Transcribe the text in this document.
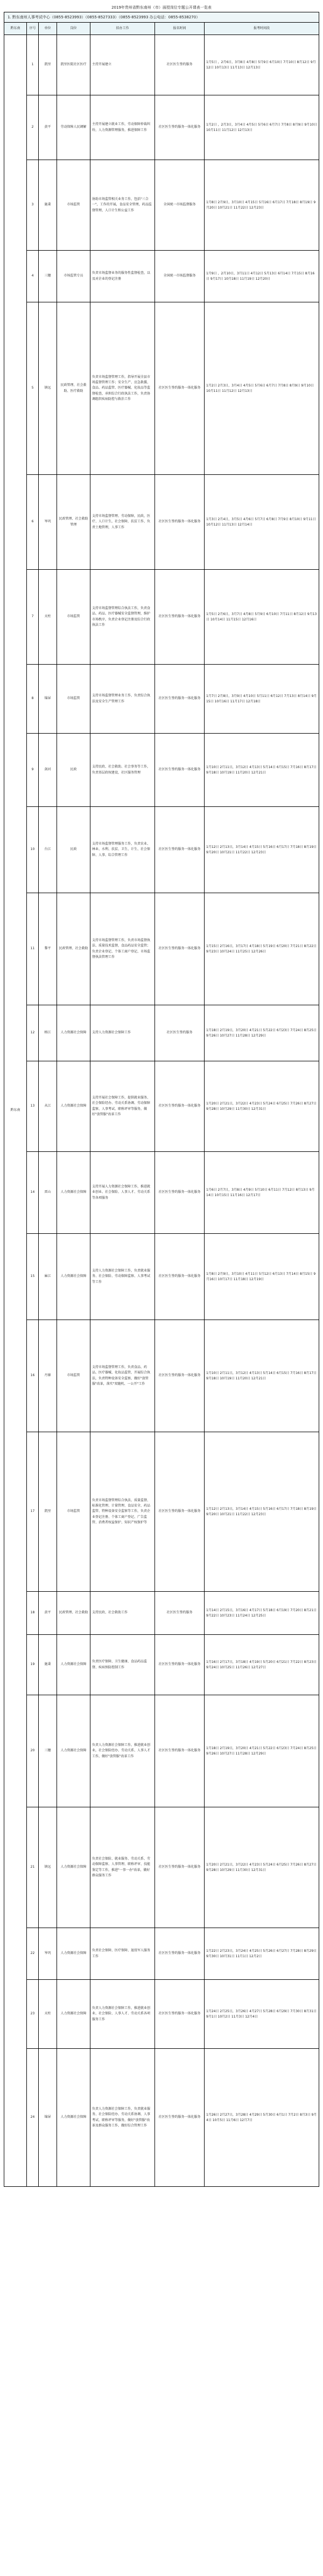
2019年贵州省黔东南州（市）面授岗位专题公开课表一览表
1. 黔东南州人事考试中心（0855-8523993）（0855-8527333）（0855-8523993 办公电话：0855-8538270）
黔东南	序号	单位	岗位	拟办工作	报名时间	报考时间段
黔东南	1	凯里	凯里医院社区医疗	主持开展建立	社区医生签约服务	1月5日 ，2月6日，3月8日 4月8日 5月9日 6月10日 7月10日 8月12日 9月12日 10月13日 11月13日 12月13日
	2	黄平	劳动保障人民调解	主持开展建立就业工作，劳动保障仲裁纠纷，人力资源管理服务，推进保障工作	社区医生签约服务一体化服务	1月2日 ，2月3日，3月4日 4月5日 5月6日 6月7日 7月8日 8月9日 9月10日 10月11日 11月12日 12月13日
	3	施秉	市场监管	协助市场监管相关业务工作，包括"三合一"，工作的开展，食品安全管理，药品监督管理，人口计生和公益工作	全国统一市场监督服务	1月8日 2月9日，3月10日 4月15日 5月16日 6月17日 7月18日 8月19日 9月20日 10月21日 11月22日 12月23日
	4	三穗	市场监管专员	负责市场监督业务的服务性监督检查，以及对企业的登记注册	全国统一市场监督服务	1月9日 ，2月10日，3月11日 4月12日 5月13日 6月14日 7月15日 8月16日 9月17日 10月18日 11月19日 12月20日
	5	镇远	民政管理、社会救助、医疗救助	负责市场监督管理工作，指导开展全县市场监督管理工作；安全生产、应急救援、食品、药品监管、医疗器械、化妆品等监督检查，承担综合行政执法工作，负责协调组织疾病防控与救治工作	社区医生签约服务一体化服务	1月2日 2月3日，3月4日 4月5日 5月6日 6月7日 7月8日 8月9日 9月10日 10月11日 11月12日 12月13日
	6	岑巩	民政管理、社会救助管理	支持市场监督管理、劳动保障，民政，医疗、人口计生，社会保障，扶贫工作，负责土地管理，人事工作	社区医生签约服务一体化服务	1月3日 2月4日，3月5日 4月6日 5月7日 6月8日 7月9日 8月10日 9月11日 10月12日 11月13日 12月14日
	7	天柱	市场监管	支持市场监督管理综合执法工作，负责食品、药品、医疗器械安全监督管理，维护市场秩序，负责企业登记注册及综合行政执法工作	社区医生签约服务一体化服务	1月5日 2月6日，3月7日 4月8日 5月9日 6月10日 7月11日 8月12日 9月13日 10月14日 11月15日 12月16日
	8	锦屏	市场监管	支持市场监督管理业务工作，负责综合执法及安全生产管理工作	社区医生签约服务一体化服务	1月7日 2月8日，3月9日 4月10日 5月11日 6月12日 7月13日 8月14日 9月15日 10月16日 11月17日 12月18日
	9	剑河	民政	支持民政、社会救助、社会事务等工作，负责基层政权建设，社区服务管理	社区医生签约服务一体化服务	1月10日 2月11日，3月12日 4月13日 5月14日 6月15日 7月16日 8月17日 9月18日 10月19日 11月20日 12月21日
	10	台江	民政	支持市场监督管理服务工作，负责农业、林业、水利、扶贫、卫生、计生、社会保障、人事、综合管理工作	社区医生签约服务一体化服务	1月12日 2月13日，3月14日 4月15日 5月16日 6月17日 7月18日 8月19日 9月20日 10月21日 11月22日 12月23日
	11	黎平	民政管理、社会救助	支持市场监督管理工作，负责市场监督执法、质量技术监督，食品药品安全监管；负责企业登记、个体工商户登记、市场监督执法管理工作	社区医生签约服务一体化服务	1月15日 2月16日，3月17日 4月18日 5月19日 6月20日 7月21日 8月22日 9月23日 10月24日 11月25日 12月26日
	12	榕江	人力资源社会保障	支持人力资源社会保障工作	社区医生签约服务	1月18日 2月19日，3月20日 4月21日 5月22日 6月23日 7月24日 8月25日 9月26日 10月27日 11月28日 12月29日
	13	从江	人力资源社会保障	支持开展社会保障工作，提供就业服务、社会保险经办、劳动关系协调、劳动保障监察、人事考试、职称评审等服务，做好"放管服"改革工作	社区医生签约服务一体化服务	1月20日 2月21日，3月22日 4月23日 5月24日 6月25日 7月26日 8月27日 9月28日 10月29日 11月30日 12月31日
	14	雷山	人力资源社会保障	支持开展人力资源社会保障工作，推进就业创业、社会保险、人事人才、劳动关系等各项服务	社区医生签约服务一体化服务	1月6日 2月7日，3月8日 4月9日 5月10日 6月11日 7月12日 8月13日 9月14日 10月15日 11月16日 12月17日
	15	麻江	人力资源社会保障	支持人力资源社会保障工作，负责就业服务、社会保险、劳动保障监察、人事考试等工作	社区医生签约服务一体化服务	1月8日 2月9日，3月10日 4月11日 5月12日 6月13日 7月14日 8月15日 9月16日 10月17日 11月18日 12月19日
	16	丹寨	市场监管	支持市场监督管理工作，负责食品、药品、医疗器械、化妆品监管，开展综合执法，负责特种设备安全监察，做好"放管服"改革，落实"双随机、一公开"工作	社区医生签约服务一体化服务	1月10日 2月11日，3月12日 4月13日 5月14日 6月15日 7月16日 8月17日 9月18日 10月19日 11月20日 12月21日
	17	凯里	市场监管	负责市场监督管理综合执法、质量监督、标准化管理、计量管理、食品安全、药品监管、特种设备安全监察等工作，负责企业登记注册、个体工商户登记、广告监管、消费者权益保护、知识产权保护等	社区医生签约服务一体化服务	1月12日 2月13日，3月14日 4月15日 5月16日 6月17日 7月18日 8月19日 9月20日 10月21日 11月22日 12月23日
	18	黄平	民政管理、社会救助	支持民政、社会救助工作	社区医生签约服务	1月14日 2月15日，3月16日 4月17日 5月18日 6月19日 7月20日 8月21日 9月22日 10月23日 11月24日 12月25日
	19	施秉	人力资源社会保障	负责医疗保障、卫生健康、食品药品监督、疾病预防控制工作	社区医生签约服务一体化服务	1月16日 2月17日，3月18日 4月19日 5月20日 6月21日 7月22日 8月23日 9月24日 10月25日 11月26日 12月27日
	20	三穗	人力资源社会保障	负责人力资源社会保障工作，推进就业创业，社会保险经办、劳动关系、人事人才工作，做好"放管服"改革工作	社区医生签约服务一体化服务	1月18日 2月19日，3月20日 4月21日 5月22日 6月23日 7月24日 8月25日 9月26日 10月27日 11月28日 12月29日
	21	镇远	人力资源社会保障	负责社会保险、就业服务、劳动关系、劳动保障监察、人事管理、职称评审、技能鉴定等工作，推进"一事一办"改革，做好群众服务工作	社区医生签约服务一体化服务	1月20日 2月21日，3月22日 4月23日 5月24日 6月25日 7月26日 8月27日 9月28日 10月29日 11月30日 12月31日
	22	岑巩	人力资源社会保障	负责社会保障、医疗保障、退役军人服务工作	社区医生签约服务一体化服务	1月22日 2月23日，3月24日 4月25日 5月26日 6月27日 7月28日 8月29日 9月30日 10月31日 11月1日 12月2日
	23	天柱	人力资源社会保障	负责人力资源社会保障工作，推进就业创业、社会保险、人事人才、劳动关系各项服务工作	社区医生签约服务一体化服务	1月24日 2月25日，3月26日 4月27日 5月28日 6月29日 7月30日 8月31日 9月1日 10月2日 11月3日 12月4日
	24	锦屏	人力资源社会保障	负责人力资源社会保障工作，负责就业服务、社会保险经办、劳动关系协调、人事考试、职称评审等服务，做好"放管服"改革及群众服务工作，做好综合管理工作	社区医生签约服务一体化服务	1月26日 2月27日，3月28日 4月29日 5月30日 6月1日 7月2日 8月3日 9月4日 10月5日 11月6日 12月7日
